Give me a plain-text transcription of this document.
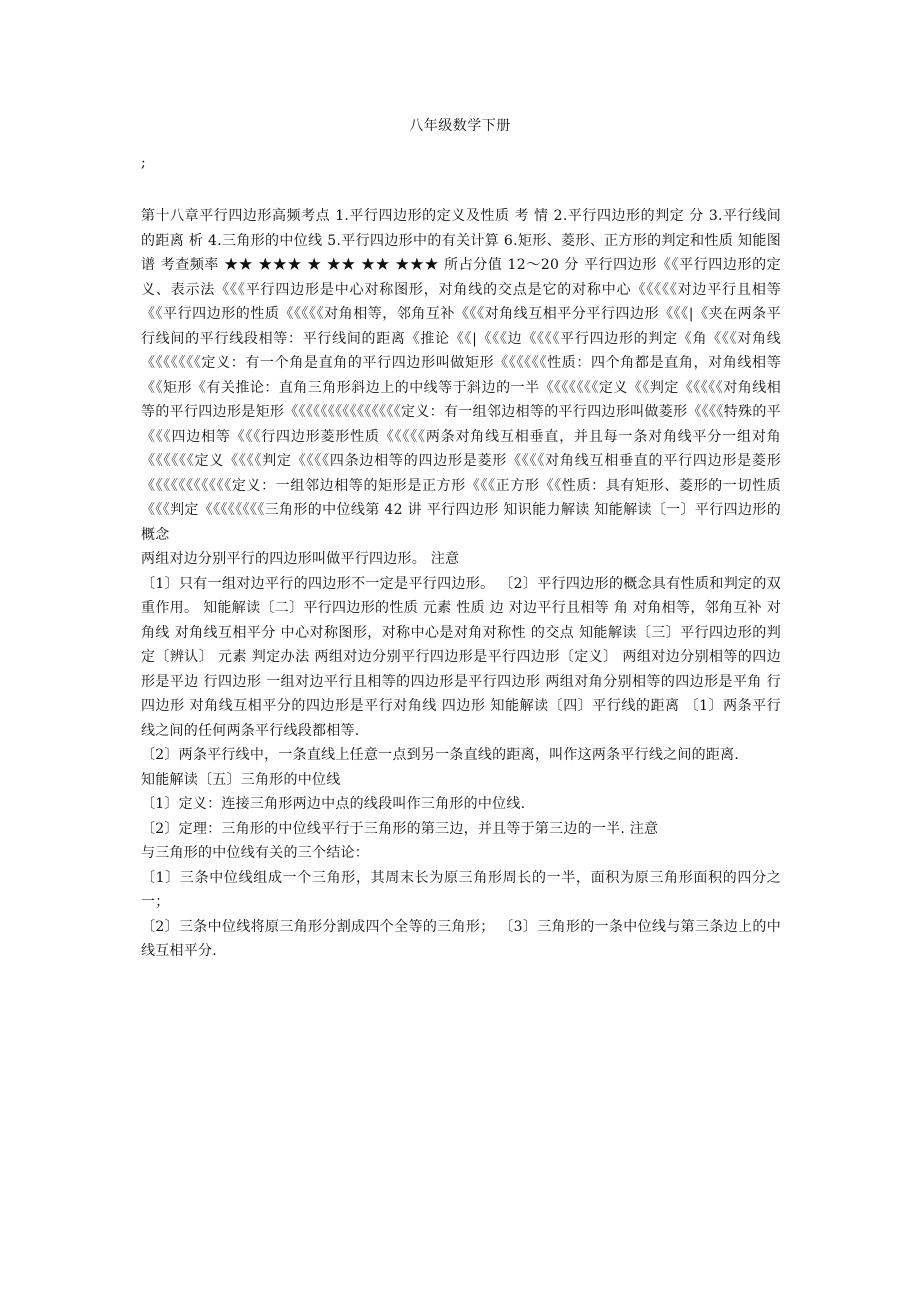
八年级数学下册
;

第十八章平行四边形高频考点 1.平行四边形的定义及性质 考 情 2.平行四边形的判定 分 3.平行线间的距离 析 4.三角形的中位线 5.平行四边形中的有关计算 6.矩形、菱形、正方形的判定和性质 知能图谱 考查频率 ★★ ★★★ ★ ★★ ★★ ★★★ 所占分值 12～20 分 平行四边形《《平行四边形的定义、表示法《《《平行四边形是中心对称图形，对角线的交点是它的对称中心《《《《《对边平行且相等《《平行四边形的性质《《《《《对角相等，邻角互补《《《对角线互相平分平行四边形《《《|《夹在两条平行线间的平行线段相等：平行线间的距离《推论《《|《《《边《《《《平行四边形的判定《角《《《对角线《《《《《《《定义：有一个角是直角的平行四边形叫做矩形《《《《《《性质：四个角都是直角，对角线相等《《矩形《有关推论：直角三角形斜边上的中线等于斜边的一半《《《《《《《定义《《判定《《《《《对角线相等的平行四边形是矩形《《《《《《《《《《《《《《《定义：有一组邻边相等的平行四边形叫做菱形《《《《特殊的平《《《四边相等《《《行四边形菱形性质《《《《《两条对角线互相垂直，并且每一条对角线平分一组对角《《《《《《定义《《《《判定《《《《四条边相等的四边形是菱形《《《《对角线互相垂直的平行四边形是菱形 《《《《《《《《《《《定义：一组邻边相等的矩形是正方形《《《正方形《《性质：具有矩形、菱形的一切性质《《《判定《《《《《《《《三角形的中位线第 42 讲 平行四边形 知识能力解读 知能解读〔一〕平行四边形的概念

两组对边分别平行的四边形叫做平行四边形。 注意

〔1〕只有一组对边平行的四边形不一定是平行四边形。 〔2〕平行四边形的概念具有性质和判定的双重作用。 知能解读〔二〕平行四边形的性质 元素 性质 边 对边平行且相等 角 对角相等，邻角互补 对角线 对角线互相平分 中心对称图形，对称中心是对角对称性 的交点 知能解读〔三〕平行四边形的判定〔辨认〕 元素 判定办法 两组对边分别平行四边形是平行四边形〔定义〕 两组对边分别相等的四边形是平边 行四边形 一组对边平行且相等的四边形是平行四边形 两组对角分别相等的四边形是平角 行四边形 对角线互相平分的四边形是平行对角线 四边形 知能解读〔四〕平行线的距离 〔1〕两条平行线之间的任何两条平行线段都相等.

〔2〕两条平行线中，一条直线上任意一点到另一条直线的距离，叫作这两条平行线之间的距离.

知能解读〔五〕三角形的中位线

〔1〕定义：连接三角形两边中点的线段叫作三角形的中位线.

〔2〕定理：三角形的中位线平行于三角形的第三边，并且等于第三边的一半. 注意

与三角形的中位线有关的三个结论：

〔1〕三条中位线组成一个三角形，其周末长为原三角形周长的一半，面积为原三角形面积的四分之一；

〔2〕三条中位线将原三角形分割成四个全等的三角形； 〔3〕三角形的一条中位线与第三条边上的中线互相平分.
